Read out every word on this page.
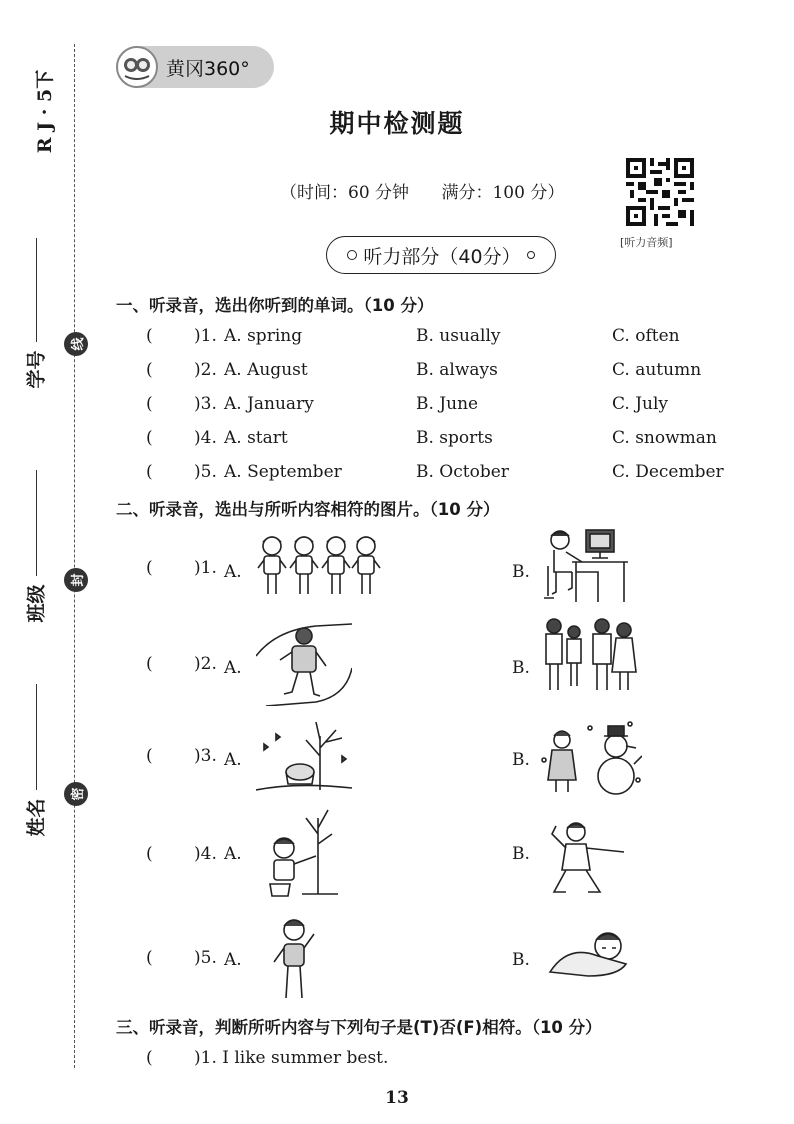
R J · 5下
学号
班级
姓名
线
封
密
黄冈360°
期中检测题
（时间：60 分钟 满分：100 分）
[听力音频]
听力部分（40分）
一、听录音，选出你听到的单词。（10 分）
( )1. A. spring	B. usually	C. often
( )2. A. August	B. always	C. autumn
( )3. A. January	B. June	C. July
( )4. A. start	B. sports	C. snowman
( )5. A. September	B. October	C. December
二、听录音，选出与所听内容相符的图片。（10 分）
( )1. A.	B.
( )2. A.	B.
( )3. A.	B.
( )4. A.	B.
( )5. A.	B.
三、听录音，判断所听内容与下列句子是(T)否(F)相符。（10 分）
( )1. I like summer best.
13
